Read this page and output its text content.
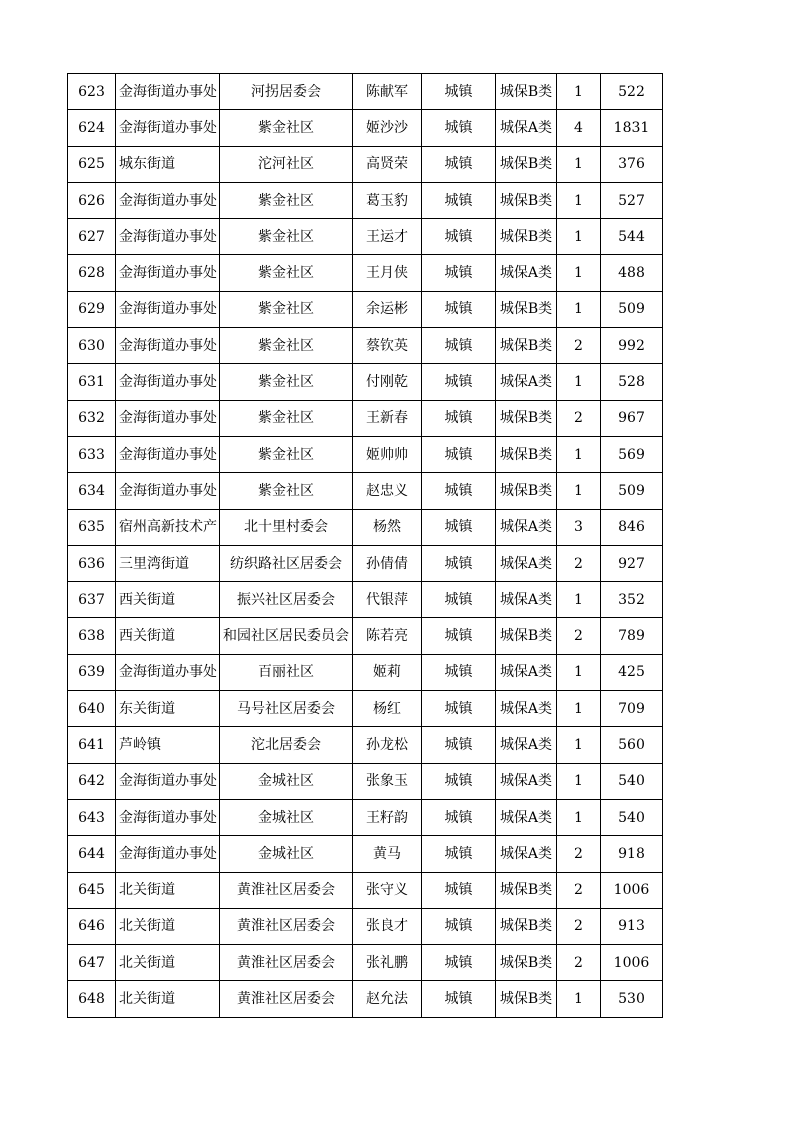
623	金海街道办事处	河拐居委会	陈献军	城镇	城保B类	1	522
624	金海街道办事处	紫金社区	姬沙沙	城镇	城保A类	4	1831
625	城东街道	沱河社区	高贤荣	城镇	城保B类	1	376
626	金海街道办事处	紫金社区	葛玉豹	城镇	城保B类	1	527
627	金海街道办事处	紫金社区	王运才	城镇	城保B类	1	544
628	金海街道办事处	紫金社区	王月侠	城镇	城保A类	1	488
629	金海街道办事处	紫金社区	余运彬	城镇	城保B类	1	509
630	金海街道办事处	紫金社区	蔡钦英	城镇	城保B类	2	992
631	金海街道办事处	紫金社区	付刚乾	城镇	城保A类	1	528
632	金海街道办事处	紫金社区	王新春	城镇	城保B类	2	967
633	金海街道办事处	紫金社区	姬帅帅	城镇	城保B类	1	569
634	金海街道办事处	紫金社区	赵忠义	城镇	城保B类	1	509
635	宿州高新技术产	北十里村委会	杨然	城镇	城保A类	3	846
636	三里湾街道	纺织路社区居委会	孙倩倩	城镇	城保A类	2	927
637	西关街道	振兴社区居委会	代银萍	城镇	城保A类	1	352
638	西关街道	和园社区居民委员会	陈若亮	城镇	城保B类	2	789
639	金海街道办事处	百丽社区	姬莉	城镇	城保A类	1	425
640	东关街道	马号社区居委会	杨红	城镇	城保A类	1	709
641	芦岭镇	沱北居委会	孙龙松	城镇	城保A类	1	560
642	金海街道办事处	金城社区	张象玉	城镇	城保A类	1	540
643	金海街道办事处	金城社区	王籽韵	城镇	城保A类	1	540
644	金海街道办事处	金城社区	黄马	城镇	城保A类	2	918
645	北关街道	黄淮社区居委会	张守义	城镇	城保B类	2	1006
646	北关街道	黄淮社区居委会	张良才	城镇	城保B类	2	913
647	北关街道	黄淮社区居委会	张礼鹏	城镇	城保B类	2	1006
648	北关街道	黄淮社区居委会	赵允法	城镇	城保B类	1	530
